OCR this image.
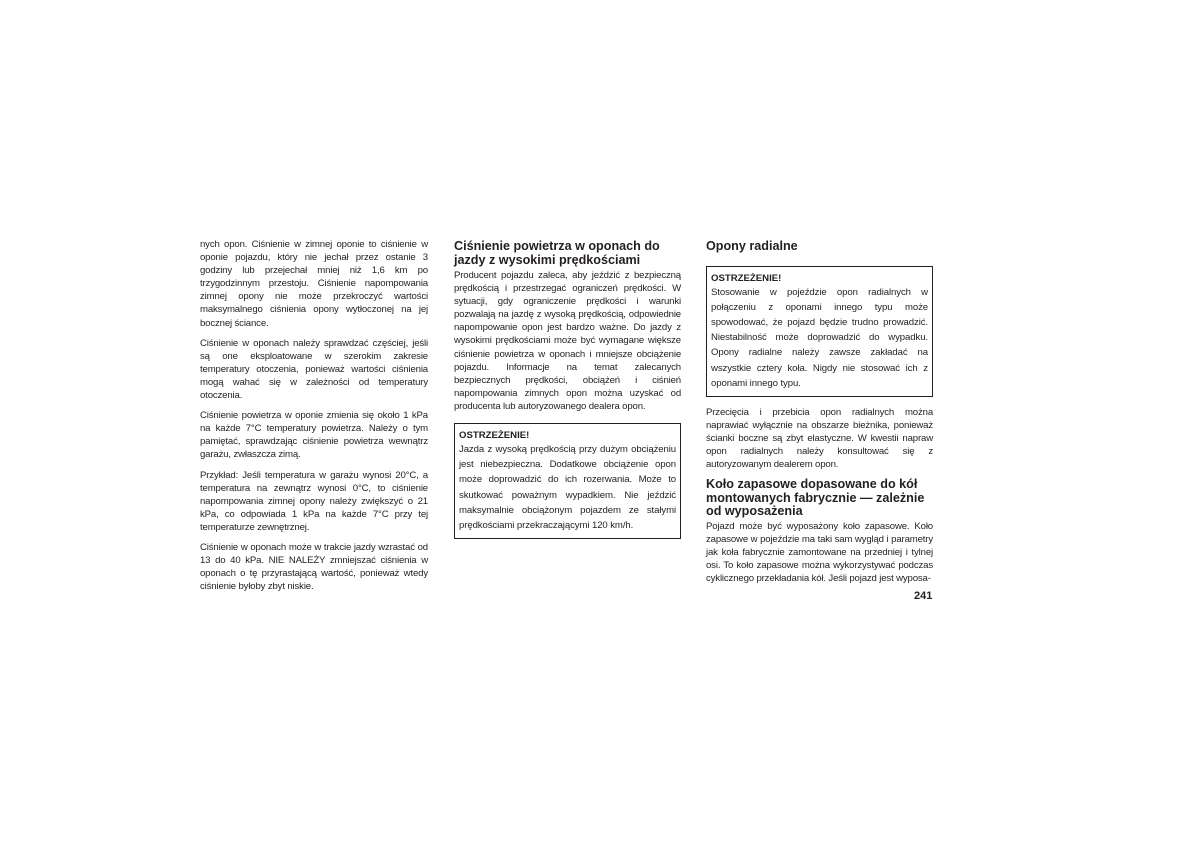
nych opon. Ciśnienie w zimnej oponie to ciśnienie w oponie pojazdu, który nie jechał przez ostanie 3 godziny lub przejechał mniej niż 1,6 km po trzygodzinnym przestoju. Ciśnienie napompowania zimnej opony nie może przekroczyć wartości maksymalnego ciśnienia opony wytłoczonej na jej bocznej ściance.

Ciśnienie w oponach należy sprawdzać częściej, jeśli są one eksploatowane w szerokim zakresie temperatury otoczenia, ponieważ wartości ciśnienia mogą wahać się w zależności od temperatury otoczenia.

Ciśnienie powietrza w oponie zmienia się około 1 kPa na każde 7°C temperatury powietrza. Należy o tym pamiętać, sprawdzając ciśnienie powietrza wewnątrz garażu, zwłaszcza zimą.

Przykład: Jeśli temperatura w garażu wynosi 20°C, a temperatura na zewnątrz wynosi 0°C, to ciśnienie napompowania zimnej opony należy zwiększyć o 21 kPa, co odpowiada 1 kPa na każde 7°C przy tej temperaturze zewnętrznej.

Ciśnienie w oponach może w trakcie jazdy wzrastać od 13 do 40 kPa. NIE NALEŻY zmniejszać ciśnienia w oponach o tę przyrastającą wartość, ponieważ wtedy ciśnienie byłoby zbyt niskie.

Ciśnienie powietrza w oponach do jazdy z wysokimi prędkościami

Producent pojazdu zaleca, aby jeździć z bezpieczną prędkością i przestrzegać ograniczeń prędkości. W sytuacji, gdy ograniczenie prędkości i warunki pozwalają na jazdę z wysoką prędkością, odpowiednie napompowanie opon jest bardzo ważne. Do jazdy z wysokimi prędkościami może być wymagane większe ciśnienie powietrza w oponach i mniejsze obciążenie pojazdu. Informacje na temat zalecanych bezpiecznych prędkości, obciążeń i ciśnień napompowania zimnych opon można uzyskać od producenta lub autoryzowanego dealera opon.

OSTRZEŻENIE!
Jazda z wysoką prędkością przy dużym obciążeniu jest niebezpieczna. Dodatkowe obciążenie opon może doprowadzić do ich rozerwania. Może to skutkować poważnym wypadkiem. Nie jeździć maksymalnie obciążonym pojazdem ze stałymi prędkościami przekraczającymi 120 km/h.
Opony radialne
OSTRZEŻENIE!
Stosowanie w pojeździe opon radialnych w połączeniu z oponami innego typu może spowodować, że pojazd będzie trudno prowadzić. Niestabilność może doprowadzić do wypadku. Opony radialne należy zawsze zakładać na wszystkie cztery koła. Nigdy nie stosować ich z oponami innego typu.

Przecięcia i przebicia opon radialnych można naprawiać wyłącznie na obszarze bieżnika, ponieważ ścianki boczne są zbyt elastyczne. W kwestii napraw opon radialnych należy konsultować się z autoryzowanym dealerem opon.

Koło zapasowe dopasowane do kół montowanych fabrycznie — zależnie od wyposażenia

Pojazd może być wyposażony koło zapasowe. Koło zapasowe w pojeździe ma taki sam wygląd i parametry jak koła fabrycznie zamontowane na przedniej i tylnej osi. To koło zapasowe można wykorzystywać podczas cyklicznego przekładania kół. Jeśli pojazd jest wyposa-

241
